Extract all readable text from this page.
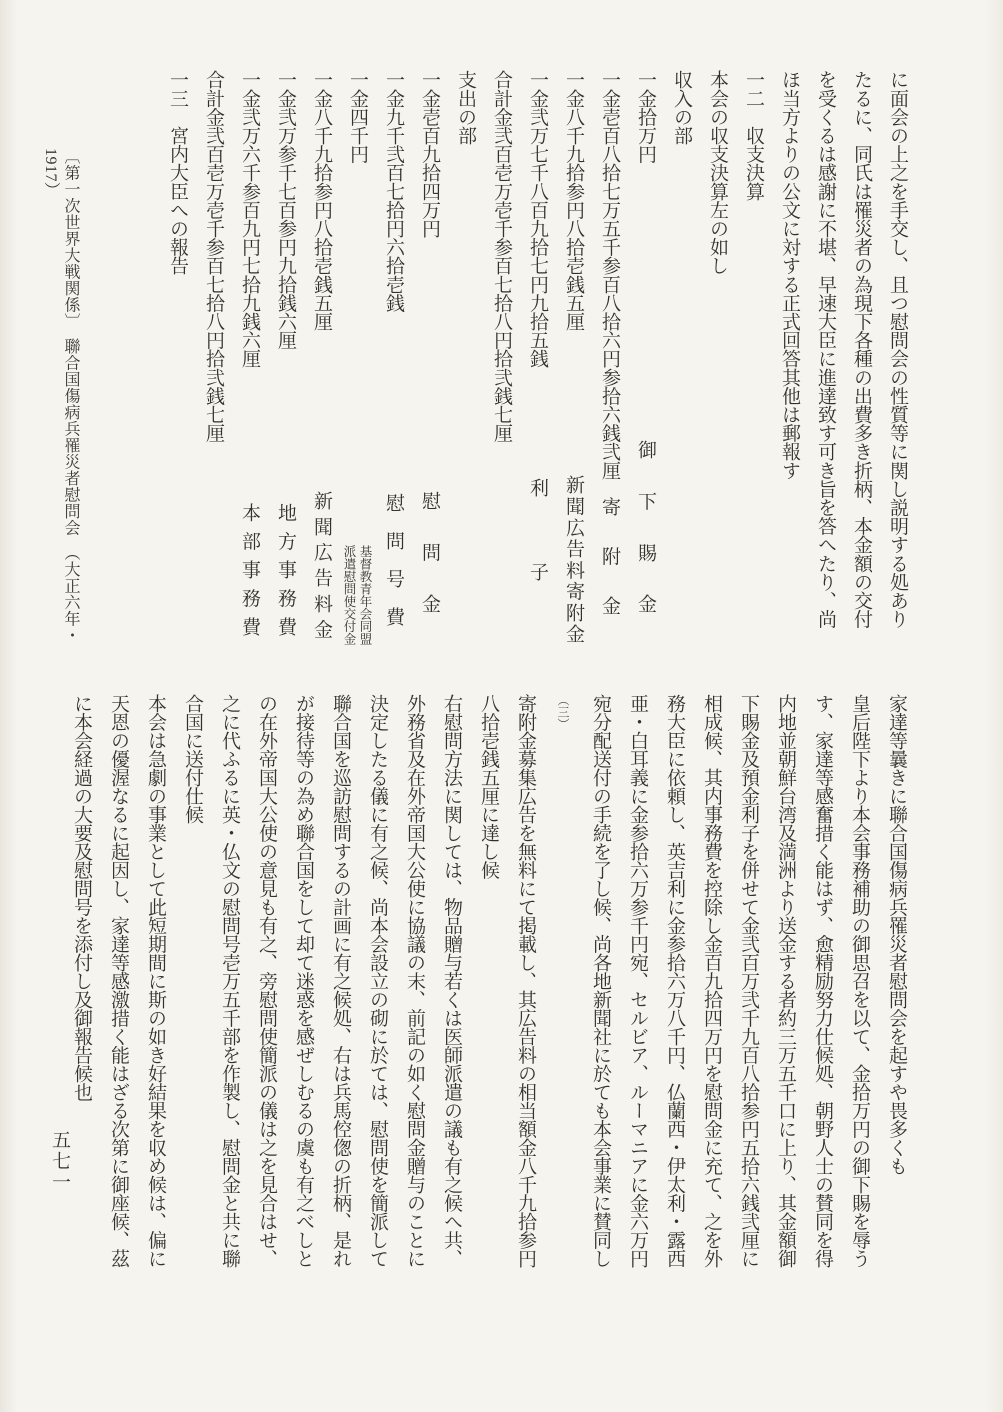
に面会の上之を手交し、且つ慰問会の性質等に関し説明する処あり

たるに、同氏は罹災者の為現下各種の出費多き折柄、本金額の交付

を受くるは感謝に不堪、早速大臣に進達致す可き旨を答へたり、尚

ほ当方よりの公文に対する正式回答其他は郵報す

一二　収支決算

本会の収支決算左の如し

収入の部

一金拾万円
御下賜金

一金壱百八拾七万五千参百八拾六円参拾六銭弐厘
寄附金

一金八千九拾参円八拾壱銭五厘
新聞広告料寄附金

一金弐万七千八百九拾七円九拾五銭
利子

合計金弐百壱万壱千参百七拾八円拾弐銭七厘

支出の部

一金壱百九拾四万円
慰問金

一金九千弐百七拾円六拾壱銭
慰問号費

一金四千円
基督教青年会同盟
派遣慰問使交付金

一金八千九拾参円八拾壱銭五厘
新聞広告料金

一金弐万参千七百参円九拾銭六厘
地方事務費

一金弐万六千参百九円七拾九銭六厘
本部事務費

合計金弐百壱万壱千参百七拾八円拾弐銭七厘

一三　宮内大臣への報告

家達等曩きに聯合国傷病兵罹災者慰問会を起すや畏多くも

皇后陛下より本会事務補助の御思召を以て、金拾万円の御下賜を辱う

す、家達等感奮措く能はず、愈精励努力仕候処、朝野人士の賛同を得

内地並朝鮮台湾及満洲より送金する者約三万五千口に上り、其金額御

下賜金及預金利子を併せて金弐百万弐千九百八拾参円五拾六銭弐厘に

相成候、其内事務費を控除し金百九拾四万円を慰問金に充て、之を外

務大臣に依頼し、英吉利に金参拾六万八千円、仏蘭西・伊太利・露西

亜・白耳義に金参拾六万参千円宛、セルビア、ルーマニアに金六万円

宛分配送付の手続を了し候、尚各地新聞社に於ても本会事業に賛同し（三）

寄附金募集広告を無料にて掲載し、其広告料の相当額金八千九拾参円

八拾壱銭五厘に達し候

右慰問方法に関しては、物品贈与若くは医師派遣の議も有之候へ共、

外務省及在外帝国大公使に協議の末、前記の如く慰問金贈与のことに

決定したる儀に有之候、尚本会設立の砌に於ては、慰問使を簡派して

聯合国を巡訪慰問するの計画に有之候処、右は兵馬倥偬の折柄、是れ

が接待等の為め聯合国をして却て迷惑を感ぜしむるの虞も有之べしと

の在外帝国大公使の意見も有之、旁慰問使簡派の儀は之を見合はせ、

之に代ふるに英・仏文の慰問号壱万五千部を作製し、慰問金と共に聯

合国に送付仕候

本会は急劇の事業として此短期間に斯の如き好結果を収め候は、偏に

天恩の優渥なるに起因し、家達等感激措く能はざる次第に御座候、茲

に本会経過の大要及慰問号を添付し及御報告候也

〔第一次世界大戦関係〕　聯合国傷病兵罹災者慰問会　（大正六年・1917）
五七一
